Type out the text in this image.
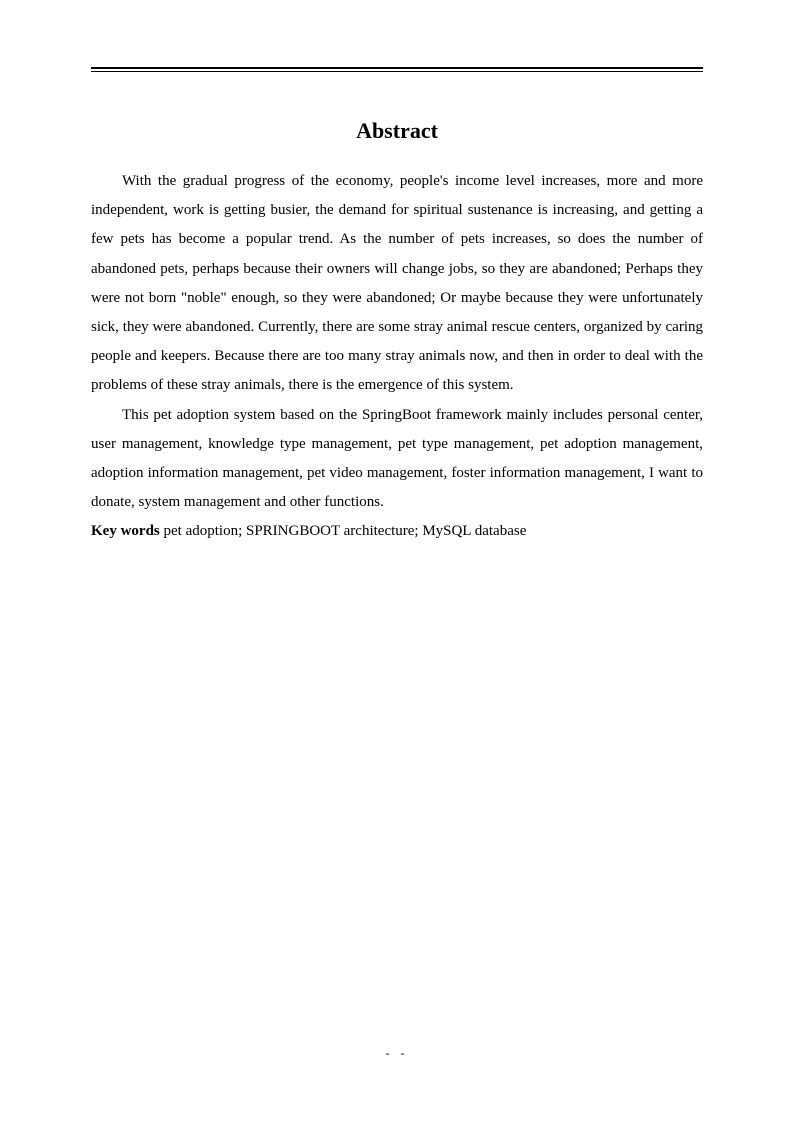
Abstract

With the gradual progress of the economy, people's income level increases, more and more independent, work is getting busier, the demand for spiritual sustenance is increasing, and getting a few pets has become a popular trend. As the number of pets increases, so does the number of abandoned pets, perhaps because their owners will change jobs, so they are abandoned; Perhaps they were not born "noble" enough, so they were abandoned; Or maybe because they were unfortunately sick, they were abandoned. Currently, there are some stray animal rescue centers, organized by caring people and keepers. Because there are too many stray animals now, and then in order to deal with the problems of these stray animals, there is the emergence of this system.

This pet adoption system based on the SpringBoot framework mainly includes personal center, user management, knowledge type management, pet type management, pet adoption management, adoption information management, pet video management, foster information management, I want to donate, system management and other functions.

Key words pet adoption; SPRINGBOOT architecture; MySQL database

- -
